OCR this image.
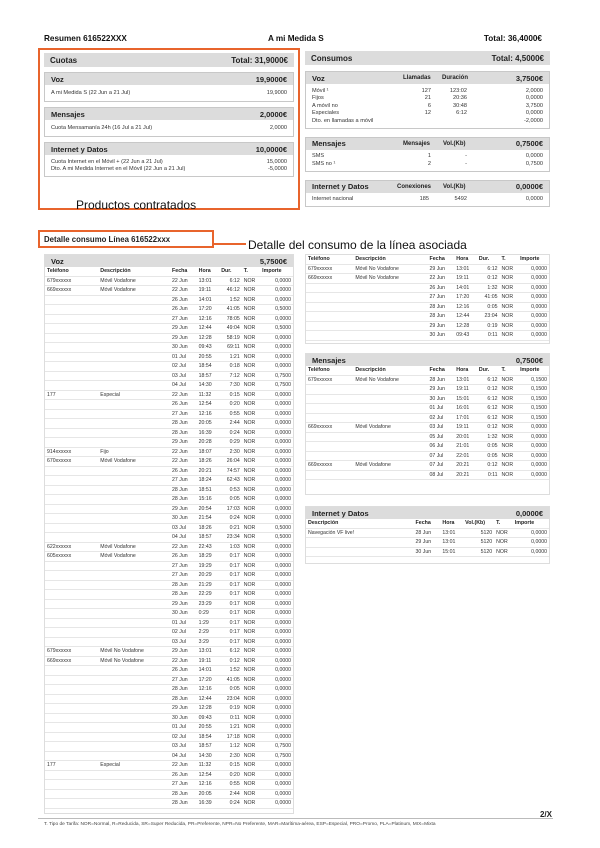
Resumen 616522XXX	A mi Medida S	Total: 36,4000€
Cuotas	Total: 31,9000€
Voz	19,9000€
A mi Medida S (22 Jun a 21 Jul)	19,9000
Mensajes	2,0000€
Cuota Mensamanía 24h (16 Jul a 21 Jul)	2,0000
Internet y Datos	10,0000€
Cuota Internet en el Móvil + (22 Jun a 21 Jul)	15,0000
Dto. A mi Medida Internet en el Móvil (22 Jun a 21 Jul)	-5,0000
Consumos	Total: 4,5000€
Voz	Llamadas Duración	3,7500€
Móvil ¹	127	123:02	2,0000
Fijos	21	20:36	0,0000
A móvil no	6	30:48	3,7500
Especiales	12	6:12	0,0000
Dto. en llamadas a móvil	-2,0000
Mensajes	Mensajes Vol.(Kb)	0,7500€
SMS	1	-	0,0000
SMS no ¹	2	-	0,7500
Internet y Datos	Conexiones Vol.(Kb)	0,0000€
Internet nacional	185	5492	0,0000
Productos contratados
Detalle consumo Línea 616522xxx	Detalle del consumo de la línea asociada
Voz	5,7500€
Teléfono	Descripción	Fecha	Hora	Dur.	T.	Importe
679xxxxxx	Móvil Vodafone	22 Jun	13:01	6:12	NOR	0,0000
669xxxxxx	Móvil Vodafone	22 Jun	19:11	46:12	NOR	0,0000
		26 Jun	14:01	1:52	NOR	0,0000
		26 Jun	17:20	41:05	NOR	0,5000
		27 Jun	12:16	78:05	NOR	0,0000
		29 Jun	12:44	49:04	NOR	0,5000
		29 Jun	12:28	58:19	NOR	0,0000
		30 Jun	09:43	69:11	NOR	0,0000
		01 Jul	20:55	1:21	NOR	0,0000
		02 Jul	18:54	0:18	NOR	0,0000
		03 Jul	18:57	7:12	NOR	0,7500
		04 Jul	14:30	7:30	NOR	0,7500
177	Especial	22 Jun	11:32	0:15	NOR	0,0000
		26 Jun	12:54	0:20	NOR	0,0000
		27 Jun	12:16	0:55	NOR	0,0000
		28 Jun	20:05	2:44	NOR	0,0000
		28 Jun	16:39	0:24	NOR	0,0000
		29 Jun	20:28	0:29	NOR	0,0000
914xxxxxx	Fijo	22 Jun	18:07	2:30	NOR	0,0000
670xxxxxx	Móvil Vodafone	22 Jun	18:26	26:04	NOR	0,0000
		26 Jun	20:21	74:57	NOR	0,0000
		27 Jun	18:24	62:43	NOR	0,0000
		28 Jun	18:51	0:53	NOR	0,0000
		28 Jun	15:16	0:05	NOR	0,0000
		29 Jun	20:54	17:03	NOR	0,0000
		30 Jun	21:54	0:24	NOR	0,0000
		03 Jul	18:26	0:21	NOR	0,5000
		04 Jul	18:57	23:34	NOR	0,5000
622xxxxxx	Móvil Vodafone	22 Jun	22:43	1:03	NOR	0,0000
605xxxxxx	Móvil Vodafone	26 Jun	18:29	0:17	NOR	0,0000
		27 Jun	19:29	0:17	NOR	0,0000
		27 Jun	20:29	0:17	NOR	0,0000
		28 Jun	21:29	0:17	NOR	0,0000
		28 Jun	22:29	0:17	NOR	0,0000
		29 Jun	23:29	0:17	NOR	0,0000
		30 Jun	0:29	0:17	NOR	0,0000
		01 Jul	1:29	0:17	NOR	0,0000
		02 Jul	2:29	0:17	NOR	0,0000
		03 Jul	3:29	0:17	NOR	0,0000
679xxxxxx	Móvil No Vodafone	29 Jun	13:01	6:12	NOR	0,0000
669xxxxxx	Móvil No Vodafone	22 Jun	19:11	0:12	NOR	0,0000
		26 Jun	14:01	1:52	NOR	0,0000
		27 Jun	17:20	41:05	NOR	0,0000
		28 Jun	12:16	0:05	NOR	0,0000
		28 Jun	12:44	23:04	NOR	0,0000
		29 Jun	12:28	0:19	NOR	0,0000
		30 Jun	09:43	0:11	NOR	0,0000
		01 Jul	20:55	1:21	NOR	0,0000
		02 Jul	18:54	17:18	NOR	0,0000
		03 Jul	18:57	1:12	NOR	0,7500
		04 Jul	14:30	2:30	NOR	0,7500
177	Especial	22 Jun	11:32	0:15	NOR	0,0000
		26 Jun	12:54	0:20	NOR	0,0000
		27 Jun	12:16	0:55	NOR	0,0000
		28 Jun	20:05	2:44	NOR	0,0000
		28 Jun	16:39	0:24	NOR	0,0000
Teléfono	Descripción	Fecha	Hora	Dur.	T.	Importe
679xxxxxx	Móvil No Vodafone	29 Jun	13:01	6:12	NOR	0,0000
669xxxxxx	Móvil No Vodafone	22 Jun	19:11	0:12	NOR	0,0000
		26 Jun	14:01	1:32	NOR	0,0000
		27 Jun	17:20	41:05	NOR	0,0000
		28 Jun	12:16	0:05	NOR	0,0000
		28 Jun	12:44	23:04	NOR	0,0000
		29 Jun	12:28	0:19	NOR	0,0000
		30 Jun	09:43	0:11	NOR	0,0000
Mensajes	0,7500€
Teléfono	Descripción	Fecha	Hora	Dur.	T.	Importe
679xxxxxx	Móvil No Vodafone	28 Jun	13:01	6:12	NOR	0,1500
		29 Jun	19:11	0:12	NOR	0,1500
		30 Jun	15:01	6:12	NOR	0,1500
		01 Jul	16:01	6:12	NOR	0,1500
		02 Jul	17:01	6:12	NOR	0,1500
669xxxxxx	Móvil Vodafone	03 Jul	19:11	0:12	NOR	0,0000
		05 Jul	20:01	1:32	NOR	0,0000
		06 Jul	21:01	0:05	NOR	0,0000
		07 Jul	22:01	0:05	NOR	0,0000
669xxxxxx	Móvil Vodafone	07 Jul	20:21	0:12	NOR	0,0000
		08 Jul	20:21	0:11	NOR	0,0000
Internet y Datos	0,0000€
Descripción	Fecha	Hora	Vol.(Kb)	T.	Importe
Navegación VF live!	28 Jun	13:01	5120	NOR	0,0000
	29 Jun	13:01	5120	NOR	0,0000
	30 Jun	15:01	5120	NOR	0,0000
T. Tipo de Tarifa: NOR=Normal, R=Reducida, SR=Super Reducida, PR=Preferente, NPR=No Preferente, MAR=Marítima-aérea, ESP=Especial, PRO=Promo, PLA=Platinum, MIX=Mixta
2/X
